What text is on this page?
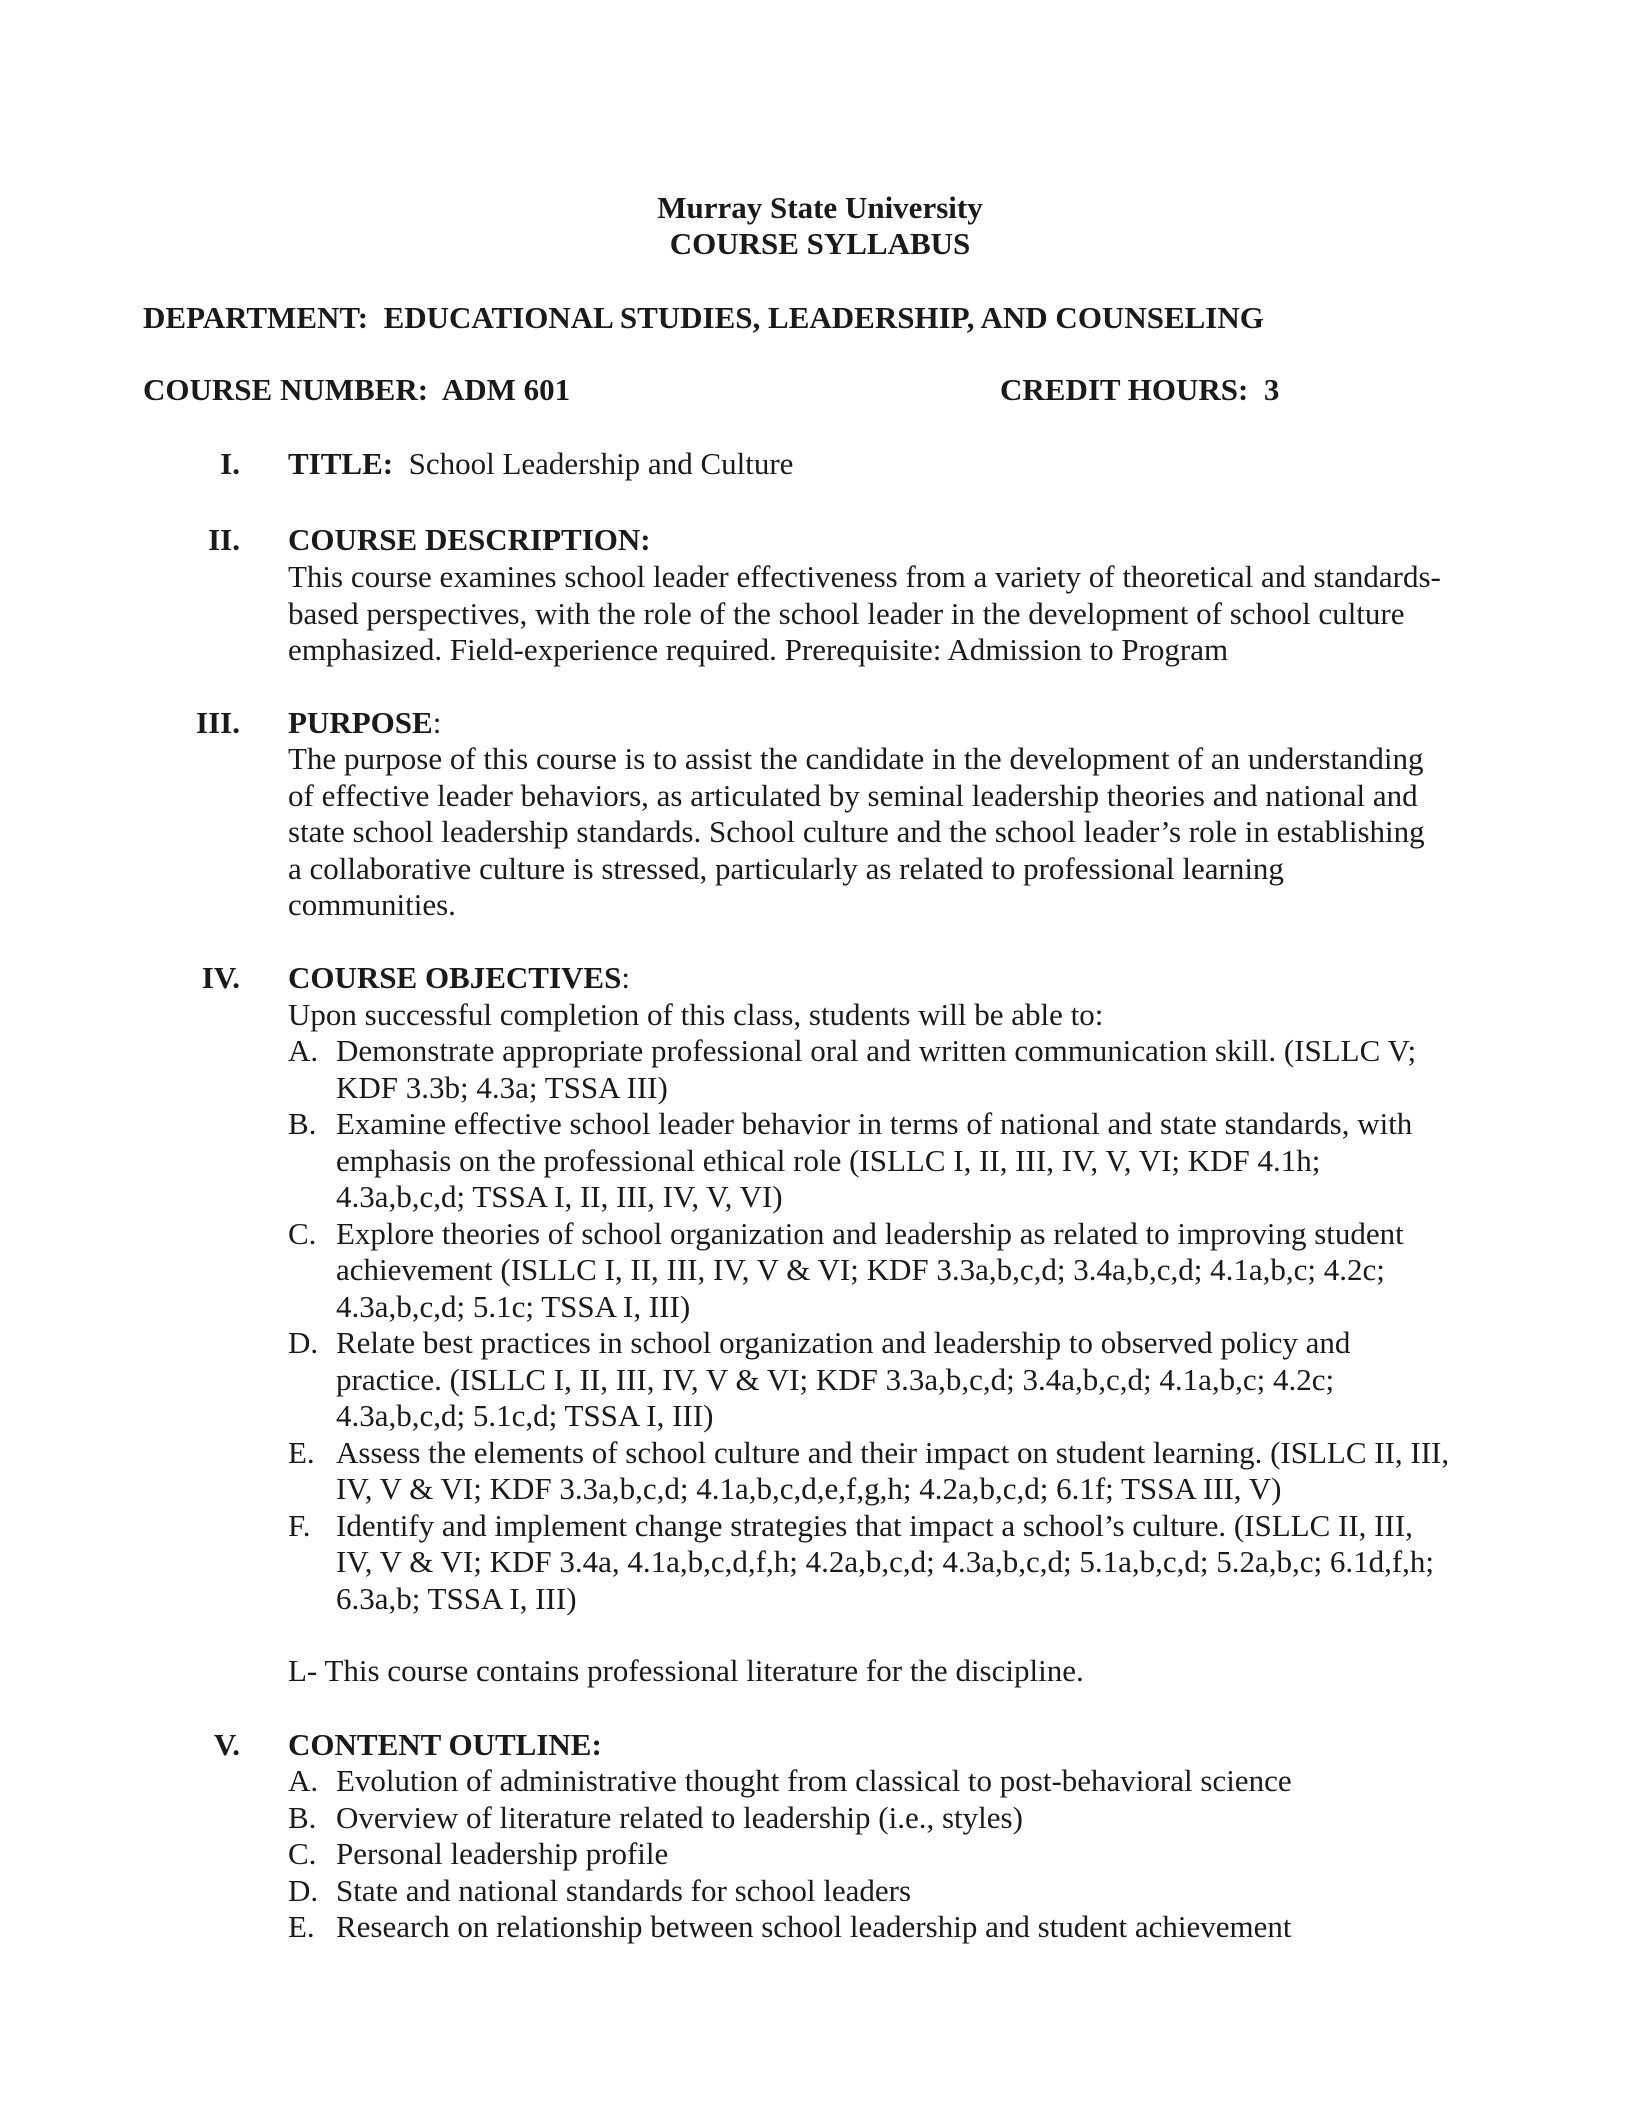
Murray State University
COURSE SYLLABUS
DEPARTMENT: EDUCATIONAL STUDIES, LEADERSHIP, AND COUNSELING
COURSE NUMBER: ADM 601	CREDIT HOURS: 3
I. TITLE: School Leadership and Culture
II. COURSE DESCRIPTION:
This course examines school leader effectiveness from a variety of theoretical and standards-
based perspectives, with the role of the school leader in the development of school culture
emphasized. Field-experience required. Prerequisite: Admission to Program
III. PURPOSE:
The purpose of this course is to assist the candidate in the development of an understanding
of effective leader behaviors, as articulated by seminal leadership theories and national and
state school leadership standards. School culture and the school leader’s role in establishing
a collaborative culture is stressed, particularly as related to professional learning
communities.
IV. COURSE OBJECTIVES:
Upon successful completion of this class, students will be able to:
A. Demonstrate appropriate professional oral and written communication skill. (ISLLC V;
KDF 3.3b; 4.3a; TSSA III)
B. Examine effective school leader behavior in terms of national and state standards, with
emphasis on the professional ethical role (ISLLC I, II, III, IV, V, VI; KDF 4.1h;
4.3a,b,c,d; TSSA I, II, III, IV, V, VI)
C. Explore theories of school organization and leadership as related to improving student
achievement (ISLLC I, II, III, IV, V & VI; KDF 3.3a,b,c,d; 3.4a,b,c,d; 4.1a,b,c; 4.2c;
4.3a,b,c,d; 5.1c; TSSA I, III)
D. Relate best practices in school organization and leadership to observed policy and
practice. (ISLLC I, II, III, IV, V & VI; KDF 3.3a,b,c,d; 3.4a,b,c,d; 4.1a,b,c; 4.2c;
4.3a,b,c,d; 5.1c,d; TSSA I, III)
E. Assess the elements of school culture and their impact on student learning. (ISLLC II, III,
IV, V & VI; KDF 3.3a,b,c,d; 4.1a,b,c,d,e,f,g,h; 4.2a,b,c,d; 6.1f; TSSA III, V)
F. Identify and implement change strategies that impact a school’s culture. (ISLLC II, III,
IV, V & VI; KDF 3.4a, 4.1a,b,c,d,f,h; 4.2a,b,c,d; 4.3a,b,c,d; 5.1a,b,c,d; 5.2a,b,c; 6.1d,f,h;
6.3a,b; TSSA I, III)
L- This course contains professional literature for the discipline.
V. CONTENT OUTLINE:
A. Evolution of administrative thought from classical to post-behavioral science
B. Overview of literature related to leadership (i.e., styles)
C. Personal leadership profile
D. State and national standards for school leaders
E. Research on relationship between school leadership and student achievement
